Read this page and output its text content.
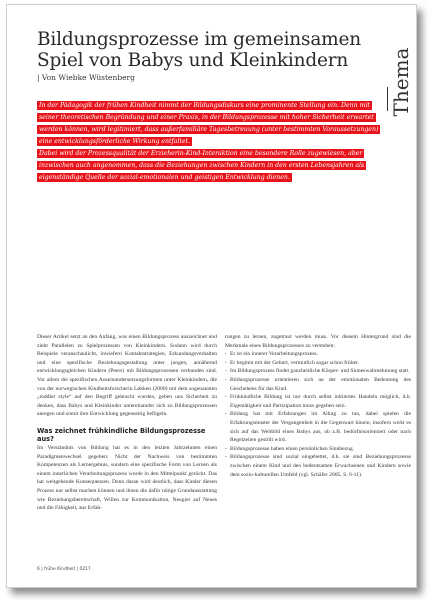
Bildungsprozesse im gemeinsamen Spiel von Babys und Kleinkindern
| Von Wiebke Wüstenberg	Thema

In der Pädagogik der frühen Kindheit nimmt der Bildungsdiskurs eine prominente Stellung ein. Denn mit seiner theoretischen Begründung und einer Praxis, in der Bildungsprozesse mit hoher Sicherheit erwartet werden können, wird legitimiert, dass außerfamiliäre Tagesbetreuung (unter bestimmten Voraussetzungen) eine entwicklungsförderliche Wirkung entfaltet.

Dabei wird der Prozessqualität der Erzieherin-Kind-Interaktion eine besondere Rolle zugewiesen, aber inzwischen auch angenommen, dass die Beziehungen zwischen Kindern in den ersten Lebensjahren als eigenständige Quelle der sozial-emotionalen und geistigen Entwicklung dienen.

Dieser Artikel setzt an den Anfang, was einen Bildungsprozess auszeichnet und zieht Parallelen zu Spielprozessen von Kleinkindern. Sodann wird durch Beispiele veranschaulicht, inwiefern Kontaktstrategien, Erkundungsverhalten und eine spezifische Beziehungsgestaltung unter jungen, annähernd entwicklungsgleichen Kindern (Peers) mit Bildungsprozessen verbunden sind. Vor allem die spezifischen Auseinandersetzungsformen unter Kleinkindern, die von der norwegischen Kindheitsforscherin Løkken (2000) mit dem sogenannten „toddler style“ auf den Begriff gebracht wurden, geben uns Sicherheit zu denken, dass Babys und Kleinkinder untereinander sich zu Bildungsprozessen anregen und somit ihre Entwicklung gegenseitig befügeln.

Was zeichnet frühkindliche Bildungsprozesse aus?

Im Verständnis von Bildung hat es in den letzten Jahrzehnten einen Paradigmenwechsel gegeben: Nicht der Nachweis von bestimmten Kompetenzen als Lernergebnis, sondern eine spezifische Form von Lernen als einem innerlichen Verarbeitungsprozess wurde in den Mittelpunkt gerückt. Das hat weitgehende Konsequenzen. Denn daran wird deutlich, dass Kinder diesen Prozess nur selbst machen können und ihnen die dafür nötige Grundausstattung wie Beziehungsbereitschaft, Willen zur Kommunikation, Neugier auf Neues und die Fähigkeit, aus Erfah-

rungen zu lernen, zugetraut werden muss. Vor diesem Hintergrund sind die Merkmale eines Bildungsprozesses zu verstehen:

- Er ist ein innerer Verarbeitungsprozess.
- Er beginnt mit der Geburt, vermutlich sogar schon früher.
- Im Bildungsprozess findet ganzheitliche Körper- und Sinneswahrnehmung statt.
- Bildungsprozesse orientieren sich an der emotionalen Bedeutung des Geschehens für das Kind.
- Frühkindliche Bildung ist nur durch selbst initiiertes Handeln möglich, d.h. Eigentätigkeit und Partizipation muss gegeben sein.
- Bildung hat mit Erfahrungen im Alltag zu tun, dabei spielen die Erfahrungsmuster der Vergangenheit in die Gegenwart hinein, insofern wirkt es sich auf das Weltbild eines Babys aus, ob z.B. bedürfnisorientiert oder nach Regelzeiten gestillt wird.
- Bildungsprozesse haben einen persönlichen Sinnbezug.
- Bildungsprozesse sind sozial eingebettet, d.h. sie sind Beziehungsprozesse zwischen einem Kind und den bedeutsamen Erwachsenen und Kindern sowie dem sozio-kulturellen Umfeld (vgl. Schäfer 2005, S. 6-11).
6 | frühe Kindheit | 0217
